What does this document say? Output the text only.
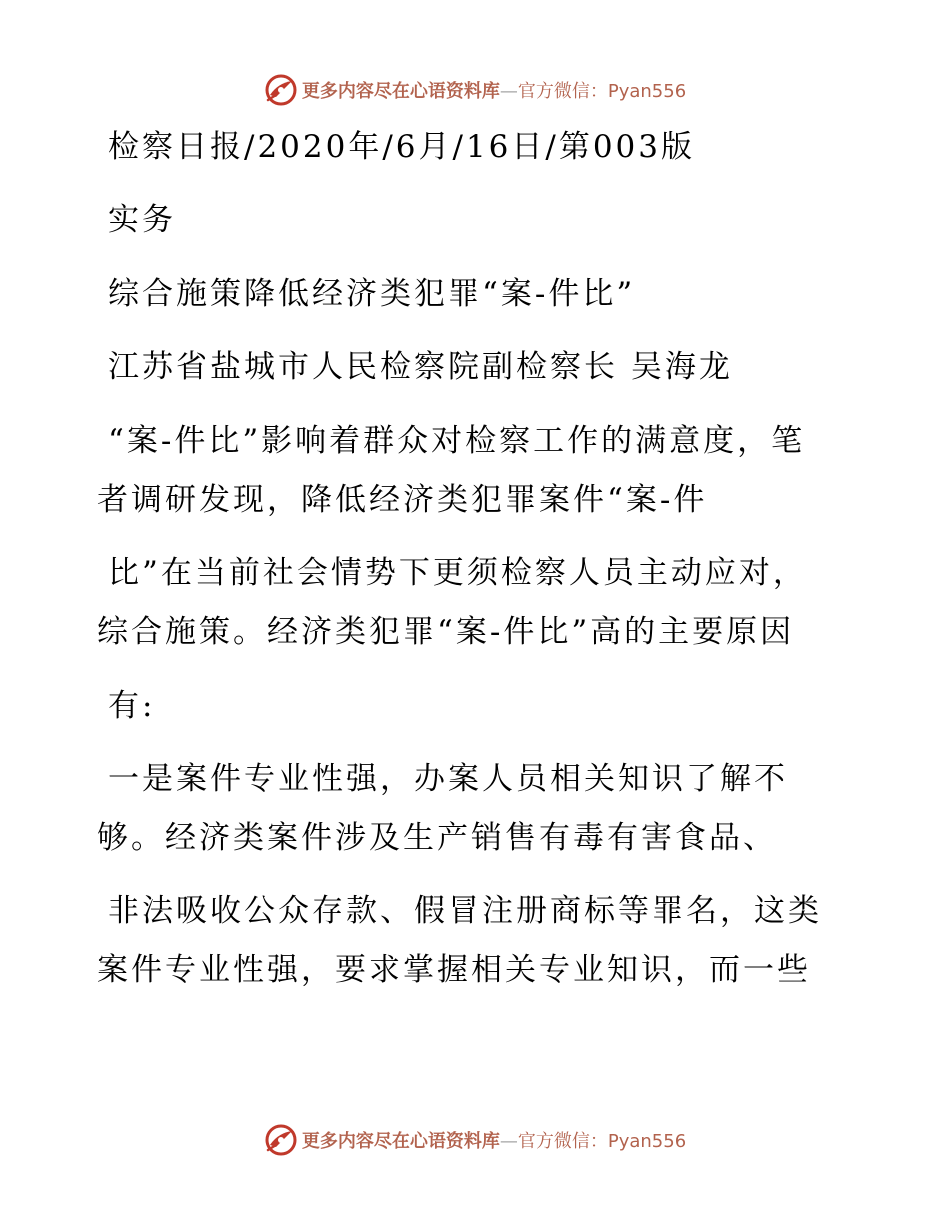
更多内容尽在心语资料库—官方微信：Pyan556
检察日报/2020年/6月/16日/第003版
实务
综合施策降低经济类犯罪“案-件比”
江苏省盐城市人民检察院副检察长 吴海龙
“案-件比”影响着群众对检察工作的满意度，笔
者调研发现，降低经济类犯罪案件“案-件
比”在当前社会情势下更须检察人员主动应对，
综合施策。经济类犯罪“案-件比”高的主要原因
有:
一是案件专业性强，办案人员相关知识了解不
够。经济类案件涉及生产销售有毒有害食品、
非法吸收公众存款、假冒注册商标等罪名，这类
案件专业性强，要求掌握相关专业知识，而一些
更多内容尽在心语资料库—官方微信：Pyan556
